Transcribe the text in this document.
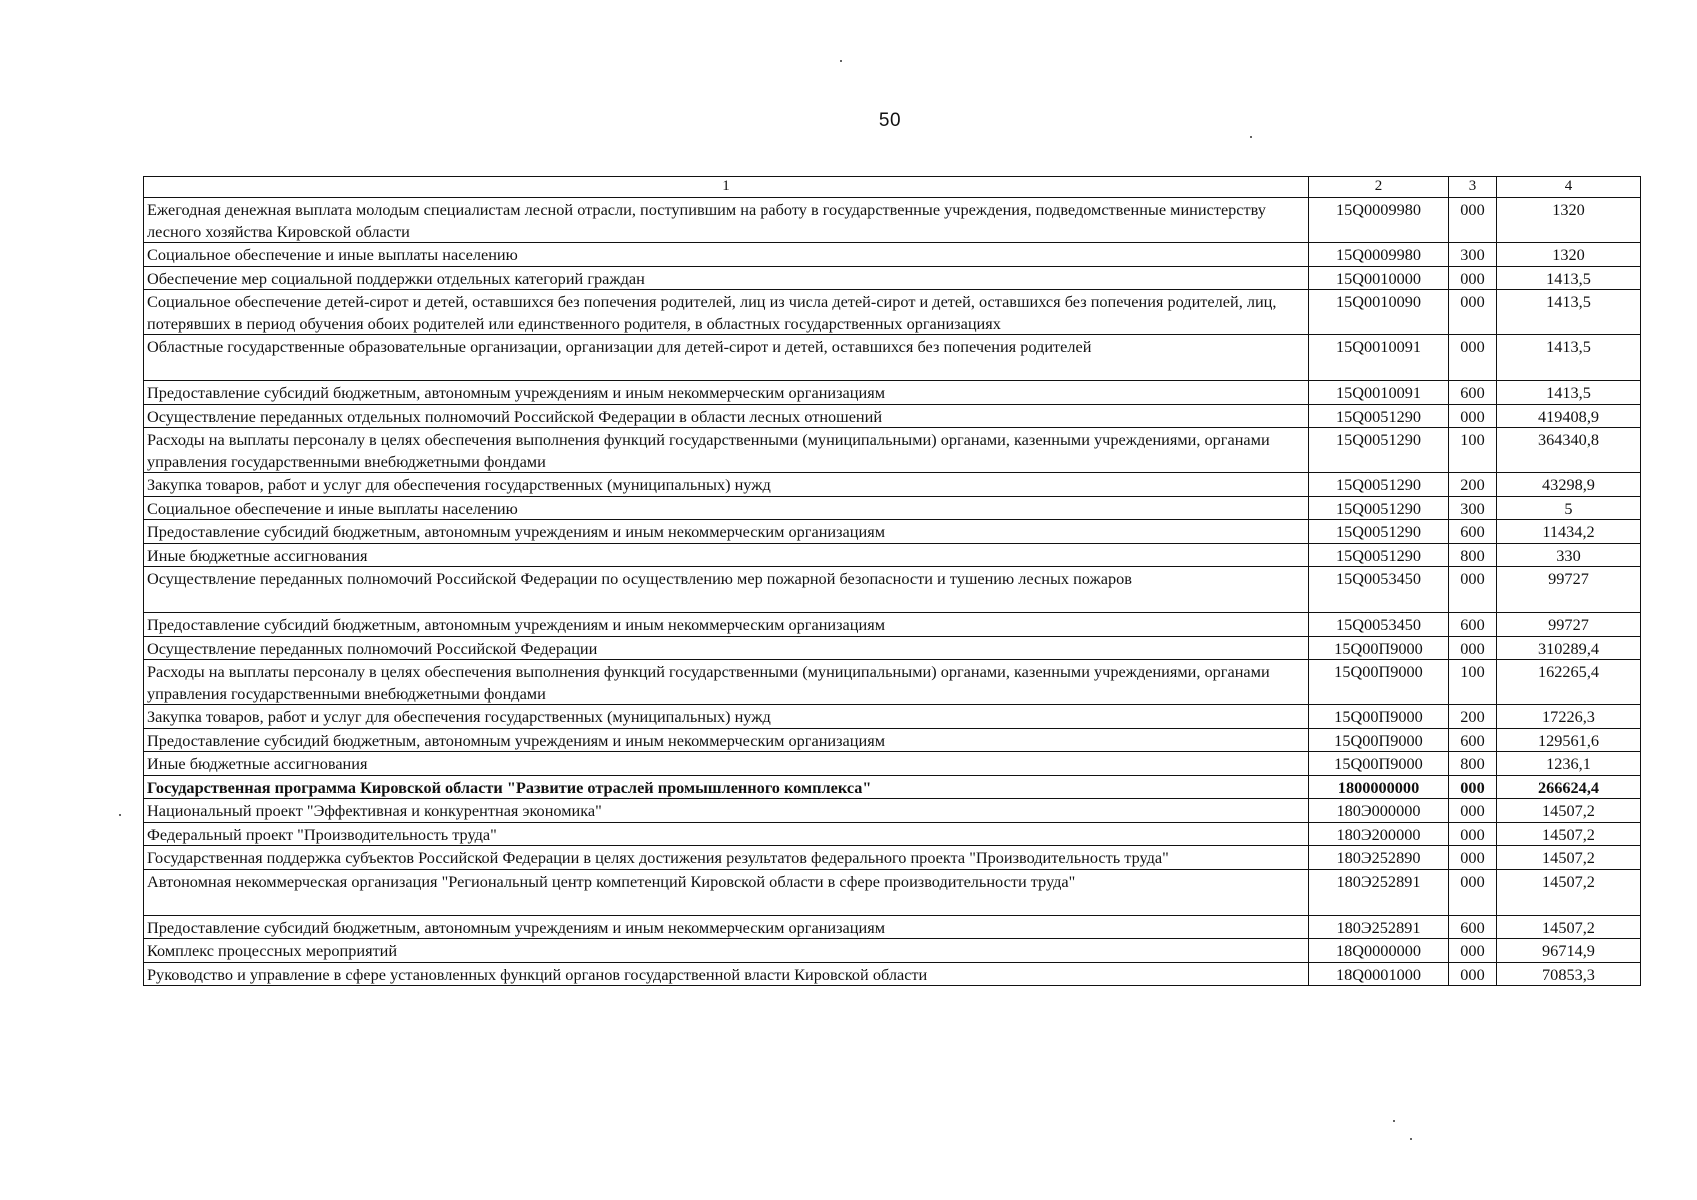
50
1	2	3	4
Ежегодная денежная выплата молодым специалистам лесной отрасли, поступившим на работу в государственные учреждения, подведомственные министерству лесного хозяйства Кировской области	15Q0009980	000	1320
Социальное обеспечение и иные выплаты населению	15Q0009980	300	1320
Обеспечение мер социальной поддержки отдельных категорий граждан	15Q0010000	000	1413,5
Социальное обеспечение детей-сирот и детей, оставшихся без попечения родителей, лиц из числа детей-сирот и детей, оставшихся без попечения родителей, лиц, потерявших в период обучения обоих родителей или единственного родителя, в областных государственных организациях	15Q0010090	000	1413,5
Областные государственные образовательные организации, организации для детей-сирот и детей, оставшихся без попечения родителей	15Q0010091	000	1413,5
Предоставление субсидий бюджетным, автономным учреждениям и иным некоммерческим организациям	15Q0010091	600	1413,5
Осуществление переданных отдельных полномочий Российской Федерации в области лесных отношений	15Q0051290	000	419408,9
Расходы на выплаты персоналу в целях обеспечения выполнения функций государственными (муниципальными) органами, казенными учреждениями, органами управления государственными внебюджетными фондами	15Q0051290	100	364340,8
Закупка товаров, работ и услуг для обеспечения государственных (муниципальных) нужд	15Q0051290	200	43298,9
Социальное обеспечение и иные выплаты населению	15Q0051290	300	5
Предоставление субсидий бюджетным, автономным учреждениям и иным некоммерческим организациям	15Q0051290	600	11434,2
Иные бюджетные ассигнования	15Q0051290	800	330
Осуществление переданных полномочий Российской Федерации по осуществлению мер пожарной безопасности и тушению лесных пожаров	15Q0053450	000	99727
Предоставление субсидий бюджетным, автономным учреждениям и иным некоммерческим организациям	15Q0053450	600	99727
Осуществление переданных полномочий Российской Федерации	15Q00П9000	000	310289,4
Расходы на выплаты персоналу в целях обеспечения выполнения функций государственными (муниципальными) органами, казенными учреждениями, органами управления государственными внебюджетными фондами	15Q00П9000	100	162265,4
Закупка товаров, работ и услуг для обеспечения государственных (муниципальных) нужд	15Q00П9000	200	17226,3
Предоставление субсидий бюджетным, автономным учреждениям и иным некоммерческим организациям	15Q00П9000	600	129561,6
Иные бюджетные ассигнования	15Q00П9000	800	1236,1
Государственная программа Кировской области "Развитие отраслей промышленного комплекса"	1800000000	000	266624,4
Национальный проект "Эффективная и конкурентная экономика"	180Э000000	000	14507,2
Федеральный проект "Производительность труда"	180Э200000	000	14507,2
Государственная поддержка субъектов Российской Федерации в целях достижения результатов федерального проекта "Производительность труда"	180Э252890	000	14507,2
Автономная некоммерческая организация "Региональный центр компетенций Кировской области в сфере производительности труда"	180Э252891	000	14507,2
Предоставление субсидий бюджетным, автономным учреждениям и иным некоммерческим организациям	180Э252891	600	14507,2
Комплекс процессных мероприятий	18Q0000000	000	96714,9
Руководство и управление в сфере установленных функций органов государственной власти Кировской области	18Q0001000	000	70853,3
